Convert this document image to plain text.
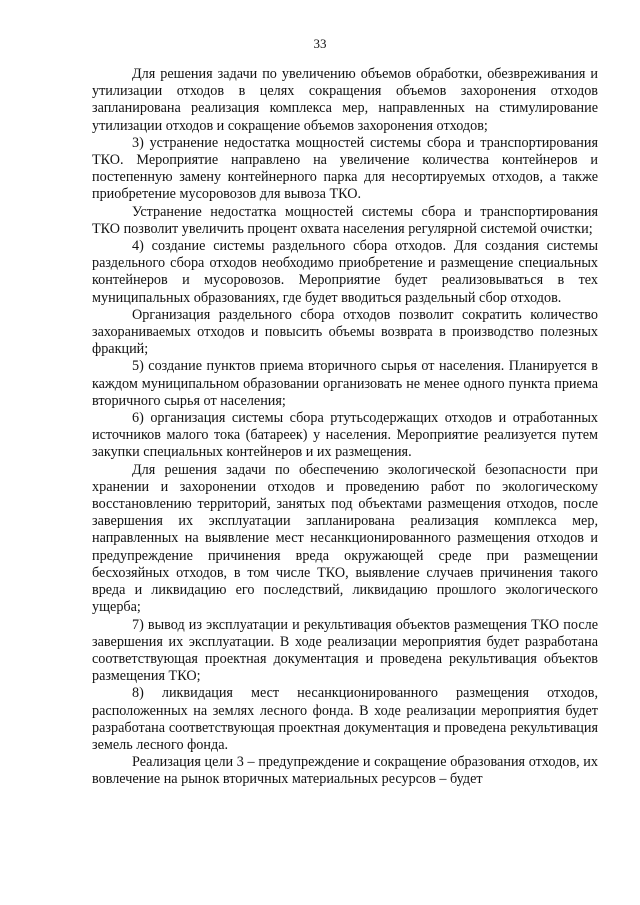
33

Для решения задачи по увеличению объемов обработки, обезвреживания и утилизации отходов в целях сокращения объемов захоронения отходов запланирована реализация комплекса мер, направленных на стимулирование утилизации отходов и сокращение объемов захоронения отходов;

3) устранение недостатка мощностей системы сбора и транспортирования ТКО. Мероприятие направлено на увеличение количества контейнеров и постепенную замену контейнерного парка для несортируемых отходов, а также приобретение мусоровозов для вывоза ТКО.

Устранение недостатка мощностей системы сбора и транспортирования ТКО позволит увеличить процент охвата населения регулярной системой очистки;

4) создание системы раздельного сбора отходов. Для создания системы раздельного сбора отходов необходимо приобретение и размещение специальных контейнеров и мусоровозов. Мероприятие будет реализовываться в тех муниципальных образованиях, где будет вводиться раздельный сбор отходов.

Организация раздельного сбора отходов позволит сократить количество захораниваемых отходов и повысить объемы возврата в производство полезных фракций;

5) создание пунктов приема вторичного сырья от населения. Планируется в каждом муниципальном образовании организовать не менее одного пункта приема вторичного сырья от населения;

6) организация системы сбора ртутьсодержащих отходов и отработанных источников малого тока (батареек) у населения. Мероприятие реализуется путем закупки специальных контейнеров и их размещения.

Для решения задачи по обеспечению экологической безопасности при хранении и захоронении отходов и проведению работ по экологическому восстановлению территорий, занятых под объектами размещения отходов, после завершения их эксплуатации запланирована реализация комплекса мер, направленных на выявление мест несанкционированного размещения отходов и предупреждение причинения вреда окружающей среде при размещении бесхозяйных отходов, в том числе ТКО, выявление случаев причинения такого вреда и ликвидацию его последствий, ликвидацию прошлого экологического ущерба;

7) вывод из эксплуатации и рекультивация объектов размещения ТКО после завершения их эксплуатации. В ходе реализации мероприятия будет разработана соответствующая проектная документация и проведена рекультивация объектов размещения ТКО;

8) ликвидация мест несанкционированного размещения отходов, расположенных на землях лесного фонда. В ходе реализации мероприятия будет разработана соответствующая проектная документация и проведена рекультивация земель лесного фонда.

Реализация цели 3 – предупреждение и сокращение образования отходов, их вовлечение на рынок вторичных материальных ресурсов – будет
